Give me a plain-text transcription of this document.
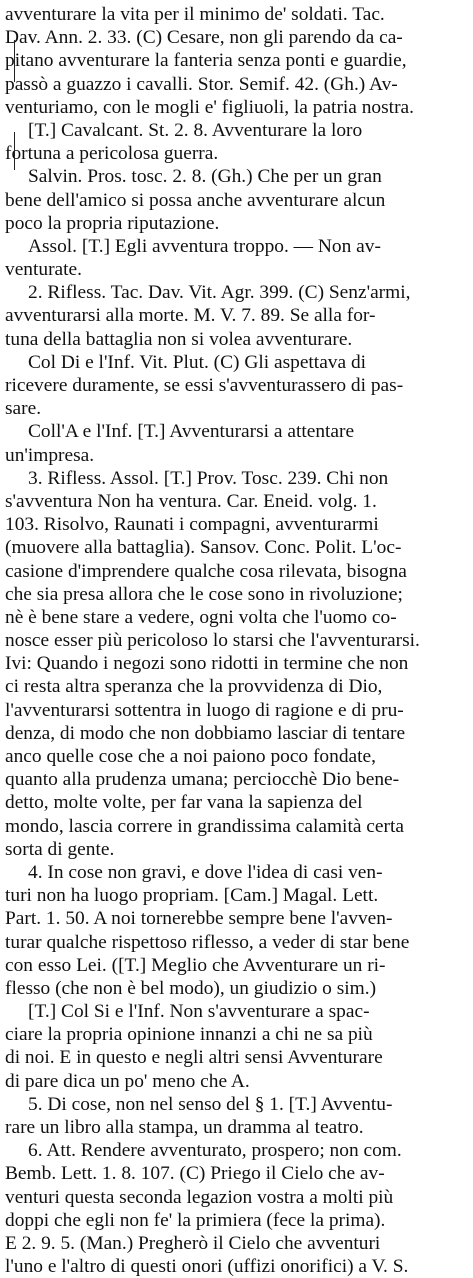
avventurare la vita per il minimo de' soldati. Tac.
Dav. Ann. 2. 33. (C) Cesare, non gli parendo da ca-
pitano avventurare la fanteria senza ponti e guardie,
passò a guazzo i cavalli. Stor. Semif. 42. (Gh.) Av-
venturiamo, con le mogli e' figliuoli, la patria nostra.
[T.] Cavalcant. St. 2. 8. Avventurare la loro
fortuna a pericolosa guerra.
Salvin. Pros. tosc. 2. 8. (Gh.) Che per un gran
bene dell'amico si possa anche avventurare alcun
poco la propria riputazione.
Assol. [T.] Egli avventura troppo. — Non av-
venturate.
2. Rifless. Tac. Dav. Vit. Agr. 399. (C) Senz'armi,
avventurarsi alla morte. M. V. 7. 89. Se alla for-
tuna della battaglia non si volea avventurare.
Col Di e l'Inf. Vit. Plut. (C) Gli aspettava di
ricevere duramente, se essi s'avventurassero di pas-
sare.
Coll'A e l'Inf. [T.] Avventurarsi a attentare
un'impresa.
3. Rifless. Assol. [T.] Prov. Tosc. 239. Chi non
s'avventura Non ha ventura. Car. Eneid. volg. 1.
103. Risolvo, Raunati i compagni, avventurarmi
(muovere alla battaglia). Sansov. Conc. Polit. L'oc-
casione d'imprendere qualche cosa rilevata, bisogna
che sia presa allora che le cose sono in rivoluzione;
nè è bene stare a vedere, ogni volta che l'uomo co-
nosce esser più pericoloso lo starsi che l'avventurarsi.
Ivi: Quando i negozi sono ridotti in termine che non
ci resta altra speranza che la provvidenza di Dio,
l'avventurarsi sottentra in luogo di ragione e di pru-
denza, di modo che non dobbiamo lasciar di tentare
anco quelle cose che a noi paiono poco fondate,
quanto alla prudenza umana; perciocchè Dio bene-
detto, molte volte, per far vana la sapienza del
mondo, lascia correre in grandissima calamità certa
sorta di gente.
4. In cose non gravi, e dove l'idea di casi ven-
turi non ha luogo propriam. [Cam.] Magal. Lett.
Part. 1. 50. A noi tornerebbe sempre bene l'avven-
turar qualche rispettoso riflesso, a veder di star bene
con esso Lei. ([T.] Meglio che Avventurare un ri-
flesso (che non è bel modo), un giudizio o sim.)
[T.] Col Si e l'Inf. Non s'avventurare a spac-
ciare la propria opinione innanzi a chi ne sa più
di noi. E in questo e negli altri sensi Avventurare
di pare dica un po' meno che A.
5. Di cose, non nel senso del § 1. [T.] Avventu-
rare un libro alla stampa, un dramma al teatro.
6. Att. Rendere avventurato, prospero; non com.
Bemb. Lett. 1. 8. 107. (C) Priego il Cielo che av-
venturi questa seconda legazion vostra a molti più
doppi che egli non fe' la primiera (fece la prima).
E 2. 9. 5. (Man.) Pregherò il Cielo che avventuri
l'uno e l'altro di questi onori (uffizi onorifici) a V. S.
